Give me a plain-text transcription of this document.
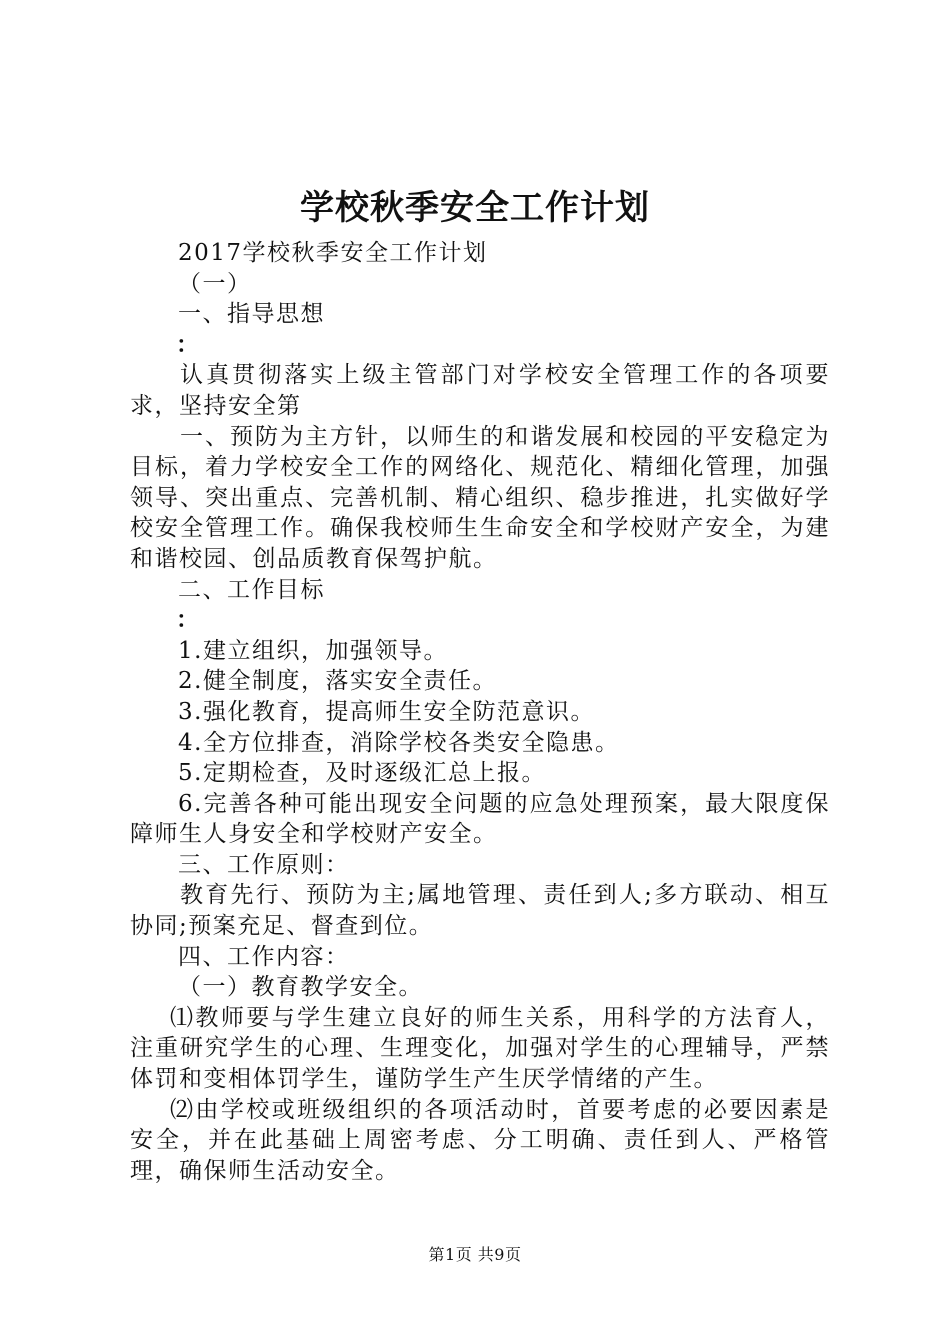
学校秋季安全工作计划

2017学校秋季安全工作计划

（一）

一、指导思想

：

认真贯彻落实上级主管部门对学校安全管理工作的各项要求，坚持安全第

一、预防为主方针，以师生的和谐发展和校园的平安稳定为目标，着力学校安全工作的网络化、规范化、精细化管理，加强领导、突出重点、完善机制、精心组织、稳步推进，扎实做好学校安全管理工作。确保我校师生生命安全和学校财产安全，为建和谐校园、创品质教育保驾护航。

二、工作目标

：

1.建立组织，加强领导。

2.健全制度，落实安全责任。

3.强化教育，提高师生安全防范意识。

4.全方位排查，消除学校各类安全隐患。

5.定期检查，及时逐级汇总上报。

6.完善各种可能出现安全问题的应急处理预案，最大限度保障师生人身安全和学校财产安全。

三、工作原则：

教育先行、预防为主;属地管理、责任到人;多方联动、相互协同;预案充足、督查到位。

四、工作内容：

（一）教育教学安全。

⑴教师要与学生建立良好的师生关系，用科学的方法育人，注重研究学生的心理、生理变化，加强对学生的心理辅导，严禁体罚和变相体罚学生，谨防学生产生厌学情绪的产生。

⑵由学校或班级组织的各项活动时，首要考虑的必要因素是安全，并在此基础上周密考虑、分工明确、责任到人、严格管理，确保师生活动安全。

第1页 共9页
